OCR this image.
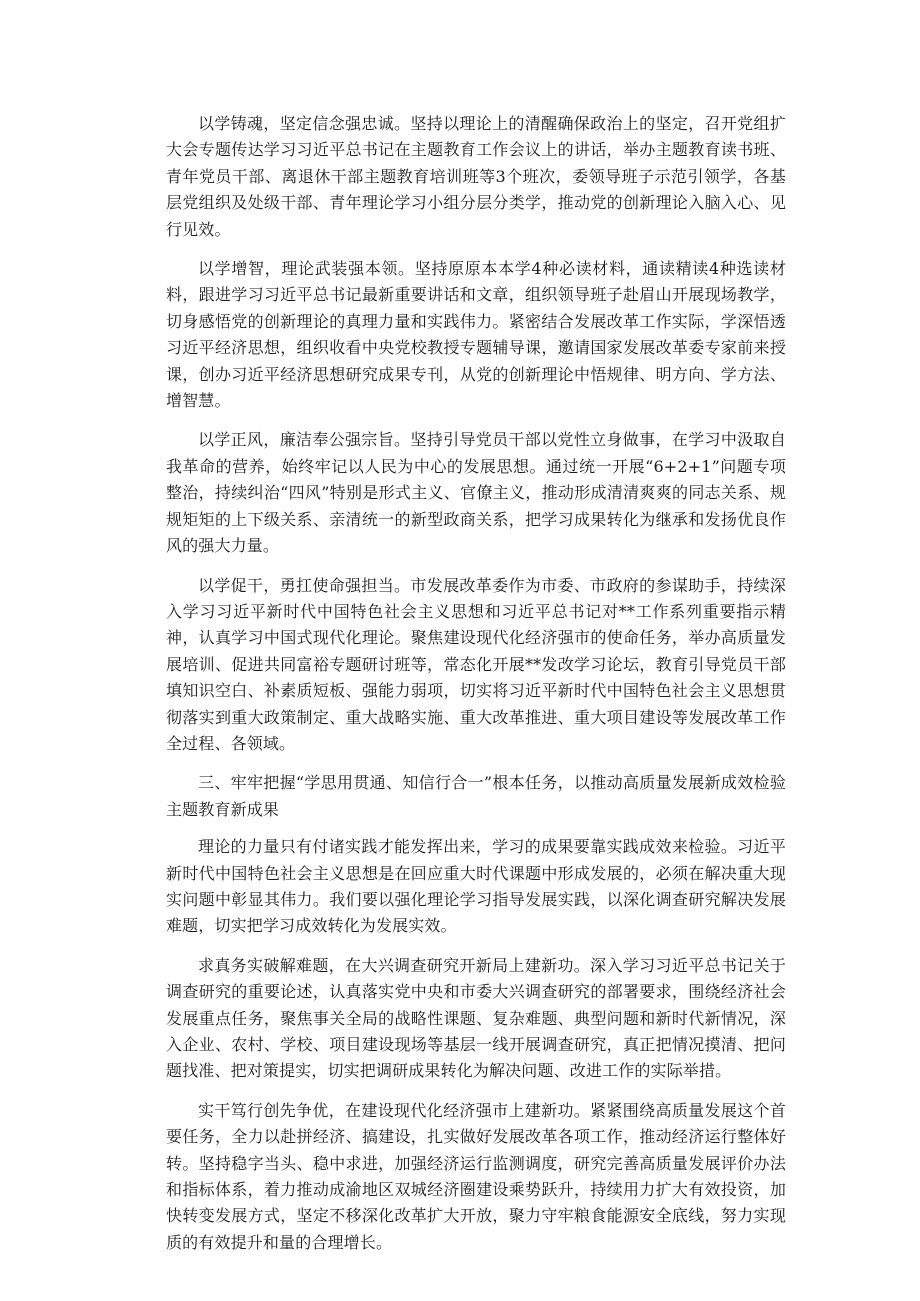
以学铸魂，坚定信念强忠诚。坚持以理论上的清醒确保政治上的坚定，召开党组扩大会专题传达学习习近平总书记在主题教育工作会议上的讲话，举办主题教育读书班、青年党员干部、离退休干部主题教育培训班等3个班次，委领导班子示范引领学，各基层党组织及处级干部、青年理论学习小组分层分类学，推动党的创新理论入脑入心、见行见效。

以学增智，理论武装强本领。坚持原原本本学4种必读材料，通读精读4种选读材料，跟进学习习近平总书记最新重要讲话和文章，组织领导班子赴眉山开展现场教学，切身感悟党的创新理论的真理力量和实践伟力。紧密结合发展改革工作实际，学深悟透习近平经济思想，组织收看中央党校教授专题辅导课，邀请国家发展改革委专家前来授课，创办习近平经济思想研究成果专刊，从党的创新理论中悟规律、明方向、学方法、增智慧。

以学正风，廉洁奉公强宗旨。坚持引导党员干部以党性立身做事，在学习中汲取自我革命的营养，始终牢记以人民为中心的发展思想。通过统一开展“6+2+1”问题专项整治，持续纠治“四风”特别是形式主义、官僚主义，推动形成清清爽爽的同志关系、规规矩矩的上下级关系、亲清统一的新型政商关系，把学习成果转化为继承和发扬优良作风的强大力量。

以学促干，勇扛使命强担当。市发展改革委作为市委、市政府的参谋助手，持续深入学习习近平新时代中国特色社会主义思想和习近平总书记对**工作系列重要指示精神，认真学习中国式现代化理论。聚焦建设现代化经济强市的使命任务，举办高质量发展培训、促进共同富裕专题研讨班等，常态化开展**发改学习论坛，教育引导党员干部填知识空白、补素质短板、强能力弱项，切实将习近平新时代中国特色社会主义思想贯彻落实到重大政策制定、重大战略实施、重大改革推进、重大项目建设等发展改革工作全过程、各领域。

三、牢牢把握“学思用贯通、知信行合一”根本任务，以推动高质量发展新成效检验主题教育新成果

理论的力量只有付诸实践才能发挥出来，学习的成果要靠实践成效来检验。习近平新时代中国特色社会主义思想是在回应重大时代课题中形成发展的，必须在解决重大现实问题中彰显其伟力。我们要以强化理论学习指导发展实践，以深化调查研究解决发展难题，切实把学习成效转化为发展实效。

求真务实破解难题，在大兴调查研究开新局上建新功。深入学习习近平总书记关于调查研究的重要论述，认真落实党中央和市委大兴调查研究的部署要求，围绕经济社会发展重点任务，聚焦事关全局的战略性课题、复杂难题、典型问题和新时代新情况，深入企业、农村、学校、项目建设现场等基层一线开展调查研究，真正把情况摸清、把问题找准、把对策提实，切实把调研成果转化为解决问题、改进工作的实际举措。

实干笃行创先争优，在建设现代化经济强市上建新功。紧紧围绕高质量发展这个首要任务，全力以赴拼经济、搞建设，扎实做好发展改革各项工作，推动经济运行整体好转。坚持稳字当头、稳中求进，加强经济运行监测调度，研究完善高质量发展评价办法和指标体系，着力推动成渝地区双城经济圈建设乘势跃升，持续用力扩大有效投资，加快转变发展方式，坚定不移深化改革扩大开放，聚力守牢粮食能源安全底线，努力实现质的有效提升和量的合理增长。
